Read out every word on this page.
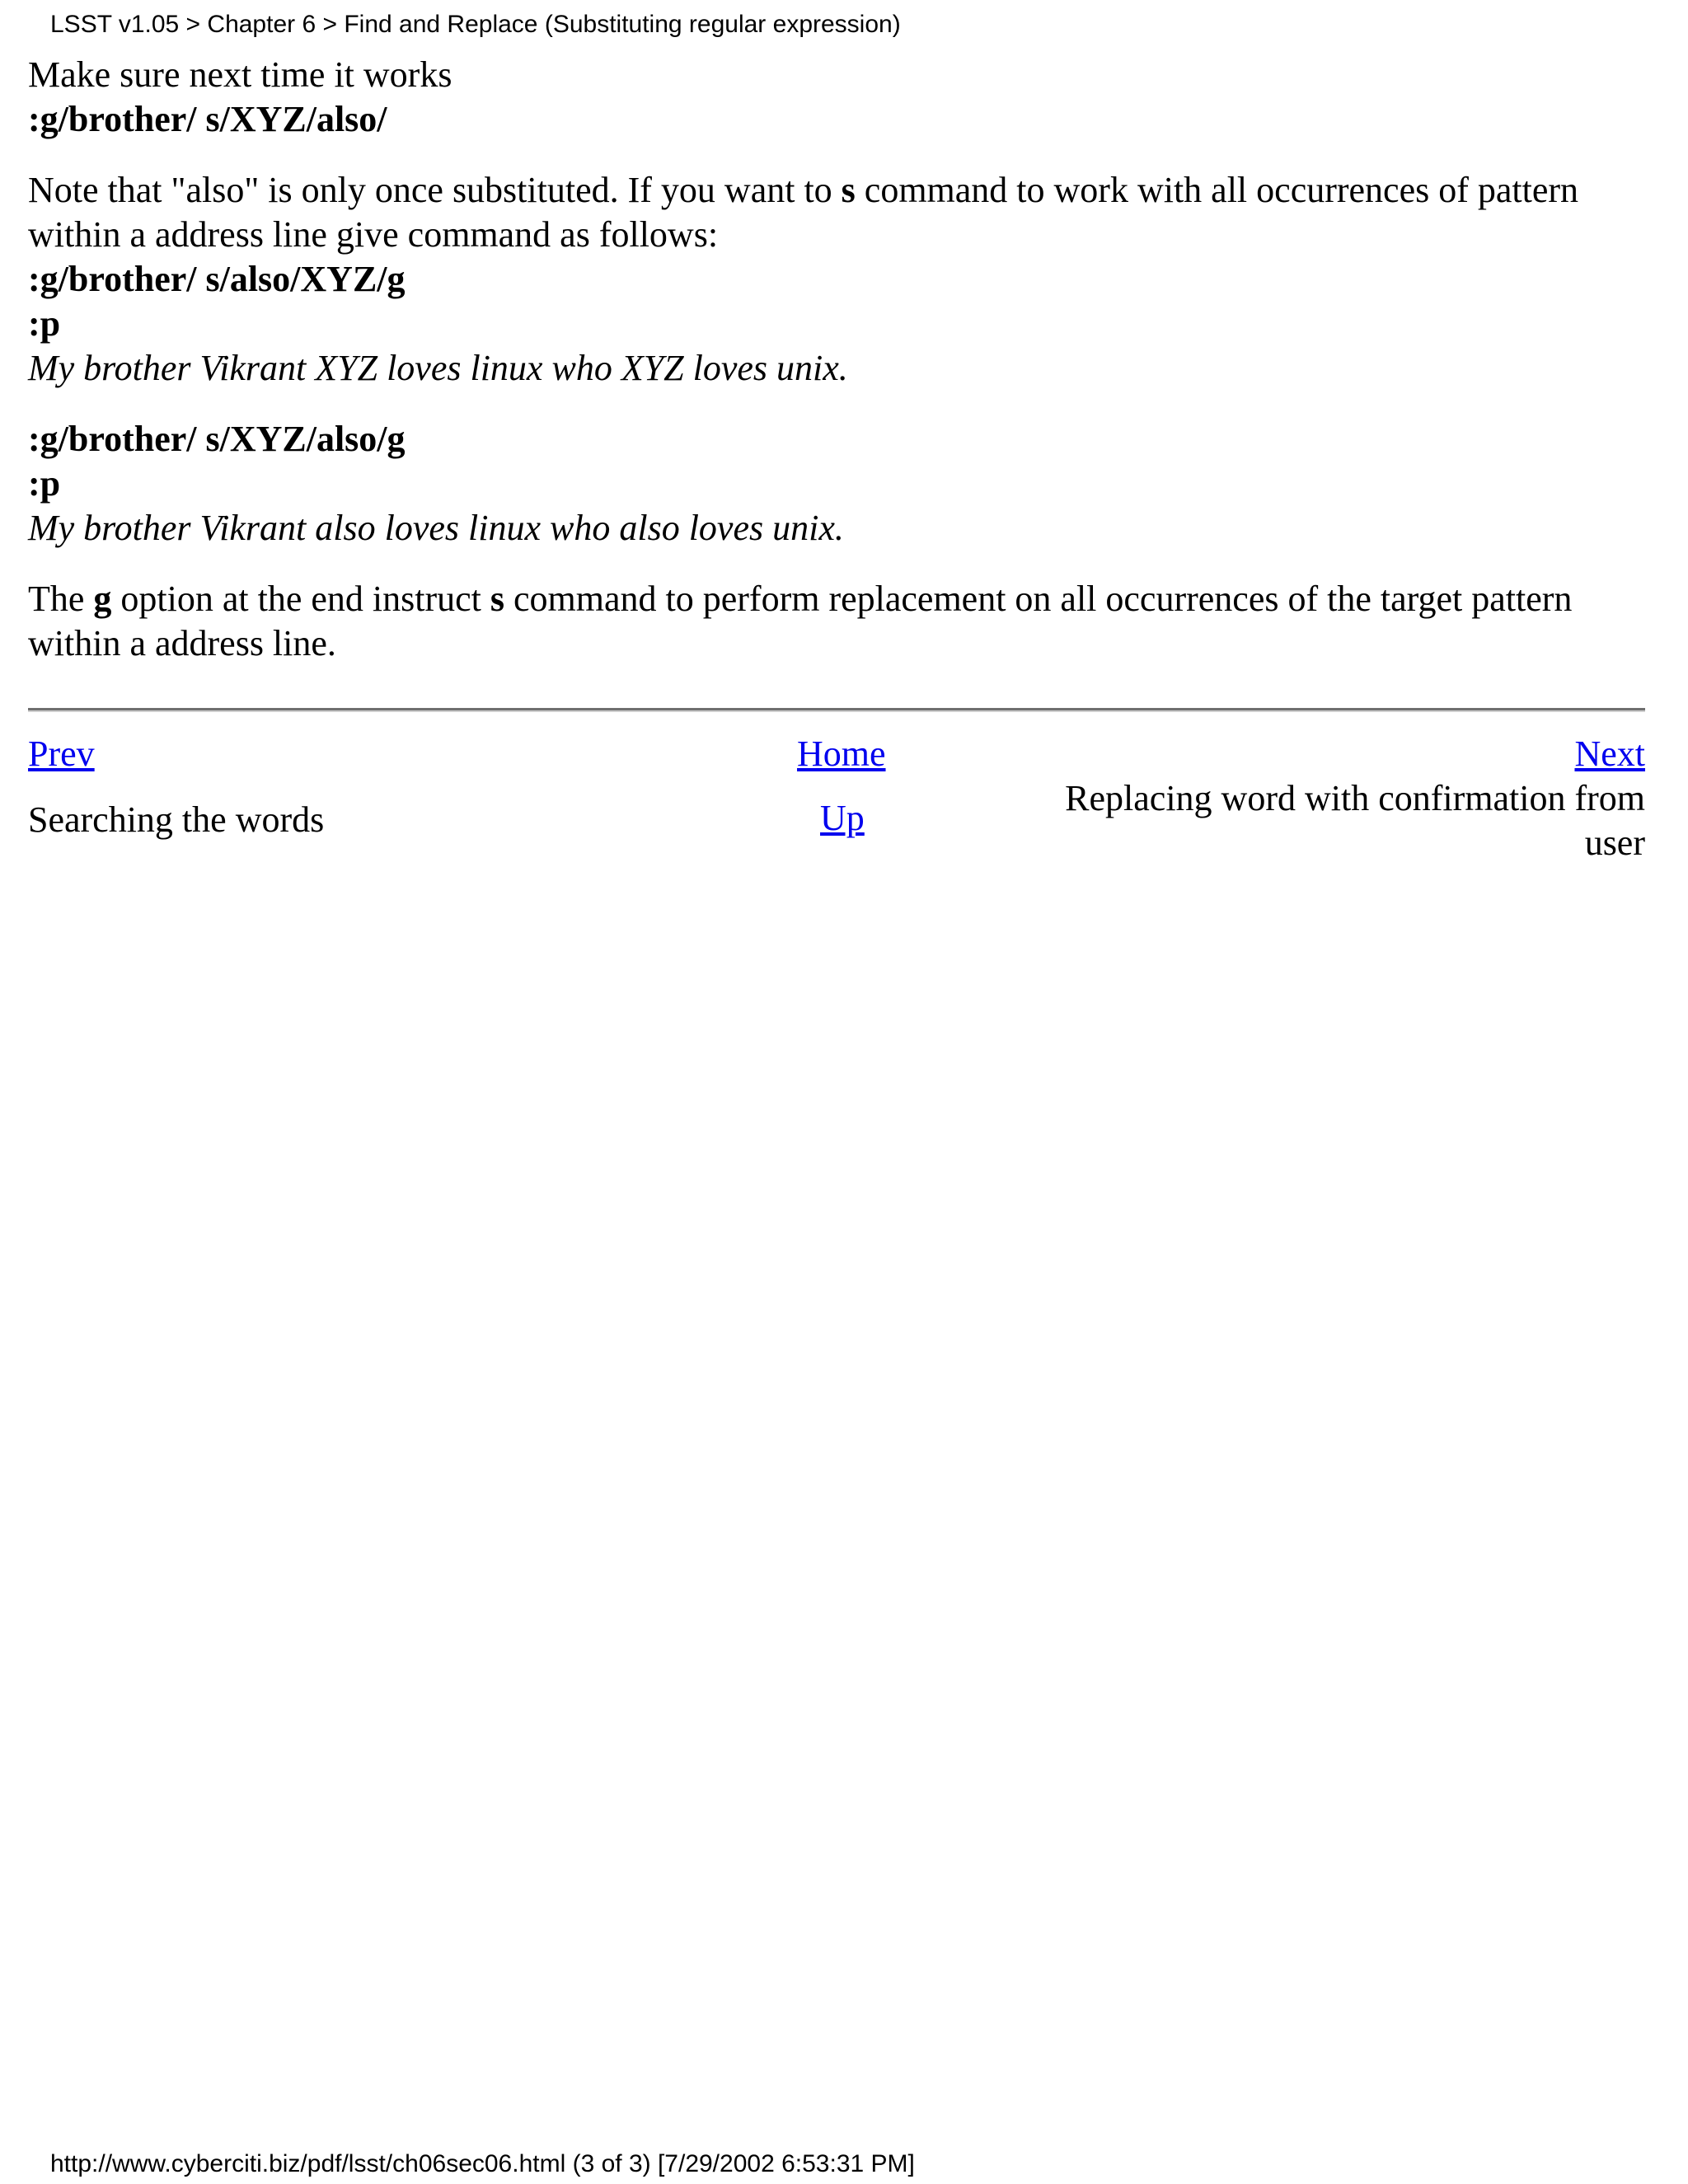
LSST v1.05 > Chapter 6 > Find and Replace (Substituting regular expression)
Make sure next time it works
:g/brother/ s/XYZ/also/
Note that "also" is only once substituted. If you want to s command to work with all occurrences of pattern within a address line give command as follows:
:g/brother/ s/also/XYZ/g
:p
My brother Vikrant XYZ loves linux who XYZ loves unix.
:g/brother/ s/XYZ/also/g
:p
My brother Vikrant also loves linux who also loves unix.
The g option at the end instruct s command to perform replacement on all occurrences of the target pattern within a address line.
Prev	Home	Next
Searching the words	Up	Replacing word with confirmation from user
http://www.cyberciti.biz/pdf/lsst/ch06sec06.html (3 of 3) [7/29/2002 6:53:31 PM]
